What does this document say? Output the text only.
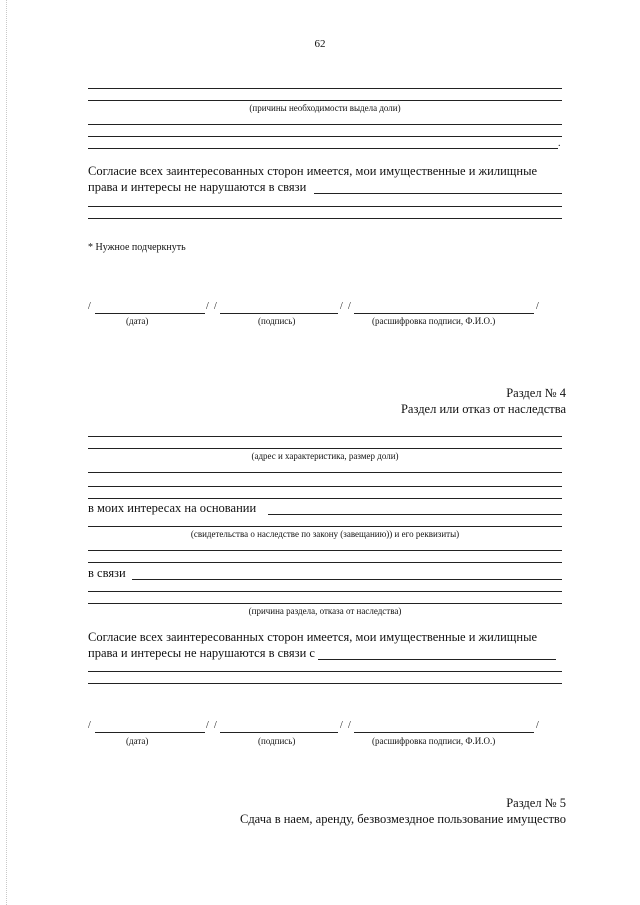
62
(причины необходимости выдела доли)
.
Согласие всех заинтересованных сторон имеется, мои имущественные и жилищные
права и интересы не нарушаются в связи
* Нужное подчеркнуть
/	/ /	/ /	/
(дата)	(подпись)	(расшифровка подписи, Ф.И.О.)
Раздел № 4
Раздел или отказ от наследства
(адрес и характеристика, размер доли)
в моих интересах на основании
(свидетельства о наследстве по закону (завещанию)) и его реквизиты)
в связи
(причина раздела, отказа от наследства)
Согласие всех заинтересованных сторон имеется, мои имущественные и жилищные
права и интересы не нарушаются в связи с
/	/ /	/ /	/
(дата)	(подпись)	(расшифровка подписи, Ф.И.О.)
Раздел № 5
Сдача в наем, аренду, безвозмездное пользование имущество
